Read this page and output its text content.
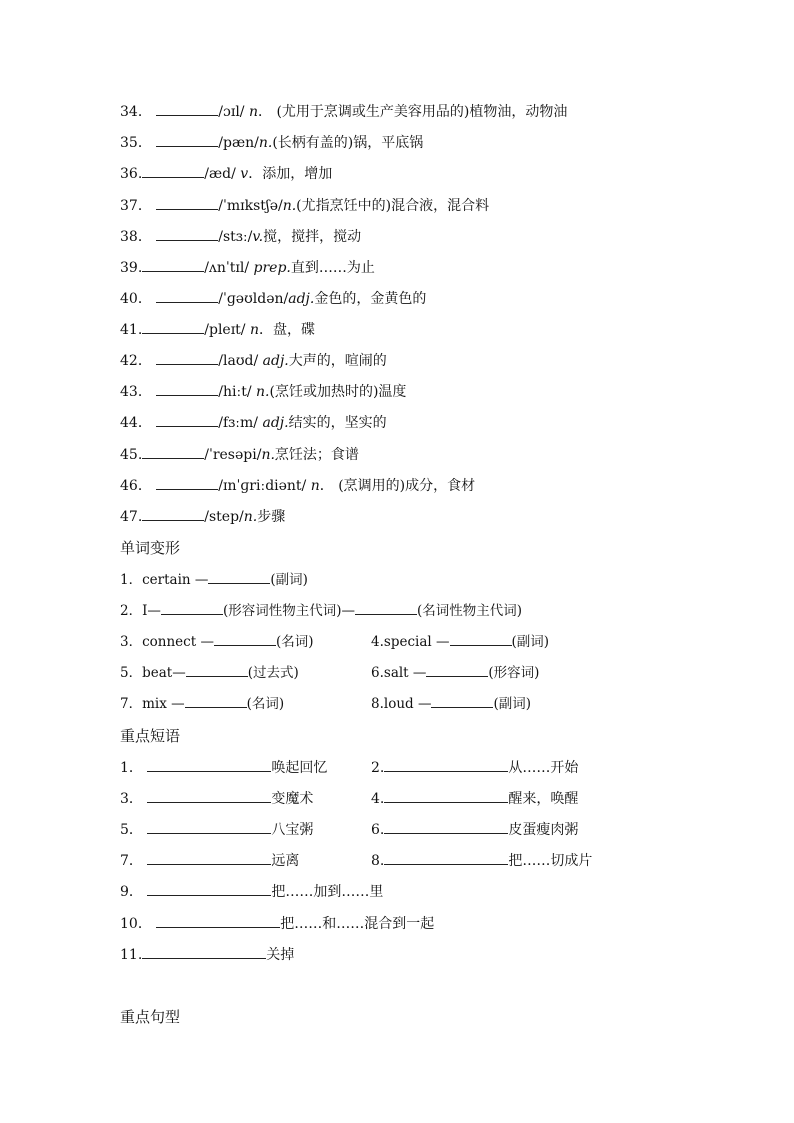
34．	/ɔɪl/ n． (尤用于烹调或生产美容用品的)植物油，动物油
35．	/pæn/n.(长柄有盖的)锅，平底锅
36.	/æd/ v．添加，增加
37．	/ˈmɪkstʃə/n.(尤指烹饪中的)混合液，混合料
38．	/stɜː/v.搅，搅拌，搅动
39.	/ʌnˈtɪl/ prep.直到……为止
40．	/ˈɡəʊldən/adj.金色的，金黄色的
41.	/pleɪt/ n．盘，碟
42．	/laʊd/ adj.大声的，喧闹的
43．	/hiːt/ n.(烹饪或加热时的)温度
44．	/fɜːm/ adj.结实的，坚实的
45.	/ˈresəpi/n.烹饪法；食谱
46．	/ɪnˈɡriːdiənt/ n． (烹调用的)成分，食材
47.	/step/n.步骤
单词变形
1．certain —	(副词)
2．I—	(形容词性物主代词)—	(名词性物主代词)
3．connect —	(名词)	4.special —	(副词)
5．beat—	(过去式)	6.salt —	(形容词)
7．mix —	(名词)	8.loud —	(副词)
重点短语
1．	唤起回忆	2.	从……开始
3．	变魔术	4.	醒来，唤醒
5．	八宝粥	6.	皮蛋瘦肉粥
7．	远离	8.	把……切成片
9．	把……加到……里
10．	把……和……混合到一起
11.	关掉
重点句型
